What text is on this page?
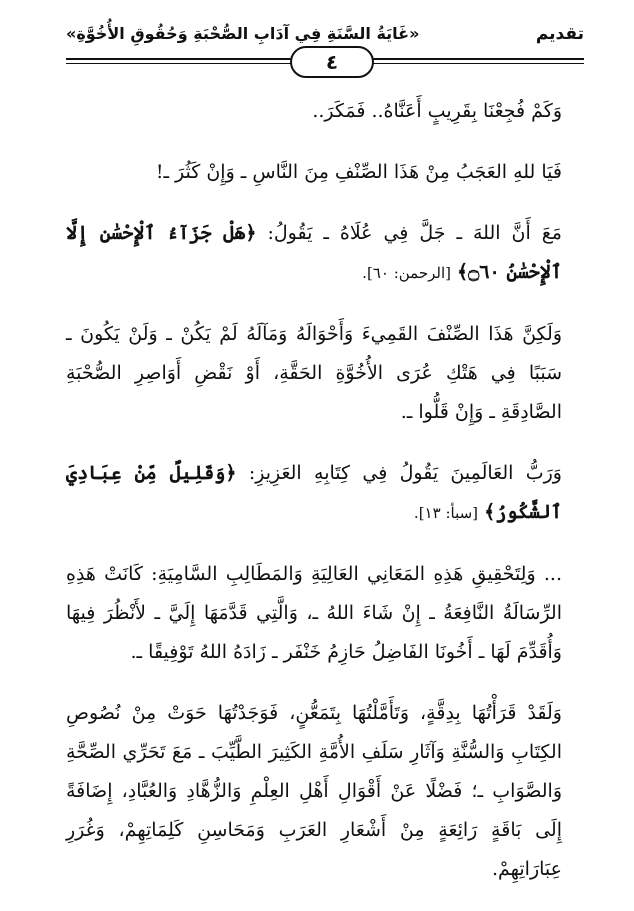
تقديم
«غَايَةُ السَّنَةِ فِي آدَابِ الصُّحْبَةِ وَحُقُوقِ الأُخُوَّةِ»
٤

وَكَمْ فُجِعْنَا بِقَرِيبٍ أَعَنَّاهُ.. فَمَكَرَ..

فَيَا للهِ العَجَبُ مِنْ هَذَا الصِّنْفِ مِنَ النَّاسِ ـ وَإِنْ كَثُرَ ـ!

مَعَ أَنَّ اللهَ ـ جَلَّ فِي عُلَاهُ ـ يَقُولُ: ﴿هَلْ جَزَآءُ ٱلْإِحْسَٰنِ إِلَّا ٱلْإِحْسَٰنُ ۝٦٠﴾ [الرحمن: ٦٠].

وَلَكِنَّ هَذَا الصِّنْفَ القَمِيءَ وَأَحْوَالَهُ وَمَآلَهُ لَمْ يَكُنْ ـ وَلَنْ يَكُونَ ـ سَبَبًا فِي هَتْكِ عُرَى الأُخُوَّةِ الحَقَّةِ، أَوْ نَقْضِ أَوَاصِرِ الصُّحْبَةِ الصَّادِقَةِ ـ وَإِنْ قَلُّوا ـ.

وَرَبُّ العَالَمِينَ يَقُولُ فِي كِتَابِهِ العَزِيزِ: ﴿وَقَلِيلٌ مِّنْ عِبَادِيَ ٱلشَّكُورُ﴾ [سبأ: ١٣].

... وَلِتَحْقِيقِ هَذِهِ المَعَانِي العَالِيَةِ وَالمَطَالِبِ السَّامِيَةِ: كَانَتْ هَذِهِ الرِّسَالَةُ النَّافِعَةُ ـ إِنْ شَاءَ اللهُ ـ، وَالَّتِي قَدَّمَهَا إِلَيَّ ـ لأَنْظُرَ فِيهَا وَأُقَدِّمَ لَهَا ـ أَخُونَا الفَاضِلُ حَازِمُ خَنْفَر ـ زَادَهُ اللهُ تَوْفِيقًا ـ.

وَلَقَدْ قَرَأْتُهَا بِدِقَّةٍ، وَتَأَمَّلْتُهَا بِتَمَعُّنٍ، فَوَجَدْتُهَا حَوَتْ مِنْ نُصُوصِ الكِتَابِ وَالسُّنَّةِ وَآثَارِ سَلَفِ الأُمَّةِ الكَثِيرَ الطَّيِّبَ ـ مَعَ تَحَرِّي الصِّحَّةِ وَالصَّوَابِ ـ؛ فَضْلًا عَنْ أَقْوَالِ أَهْلِ العِلْمِ وَالزُّهَّادِ وَالعُبَّادِ، إِضَافَةً إِلَى بَاقَةٍ رَائِعَةٍ مِنْ أَشْعَارِ العَرَبِ وَمَحَاسِنِ كَلِمَاتِهِمْ، وَغُرَرِ عِبَارَاتِهِمْ.
